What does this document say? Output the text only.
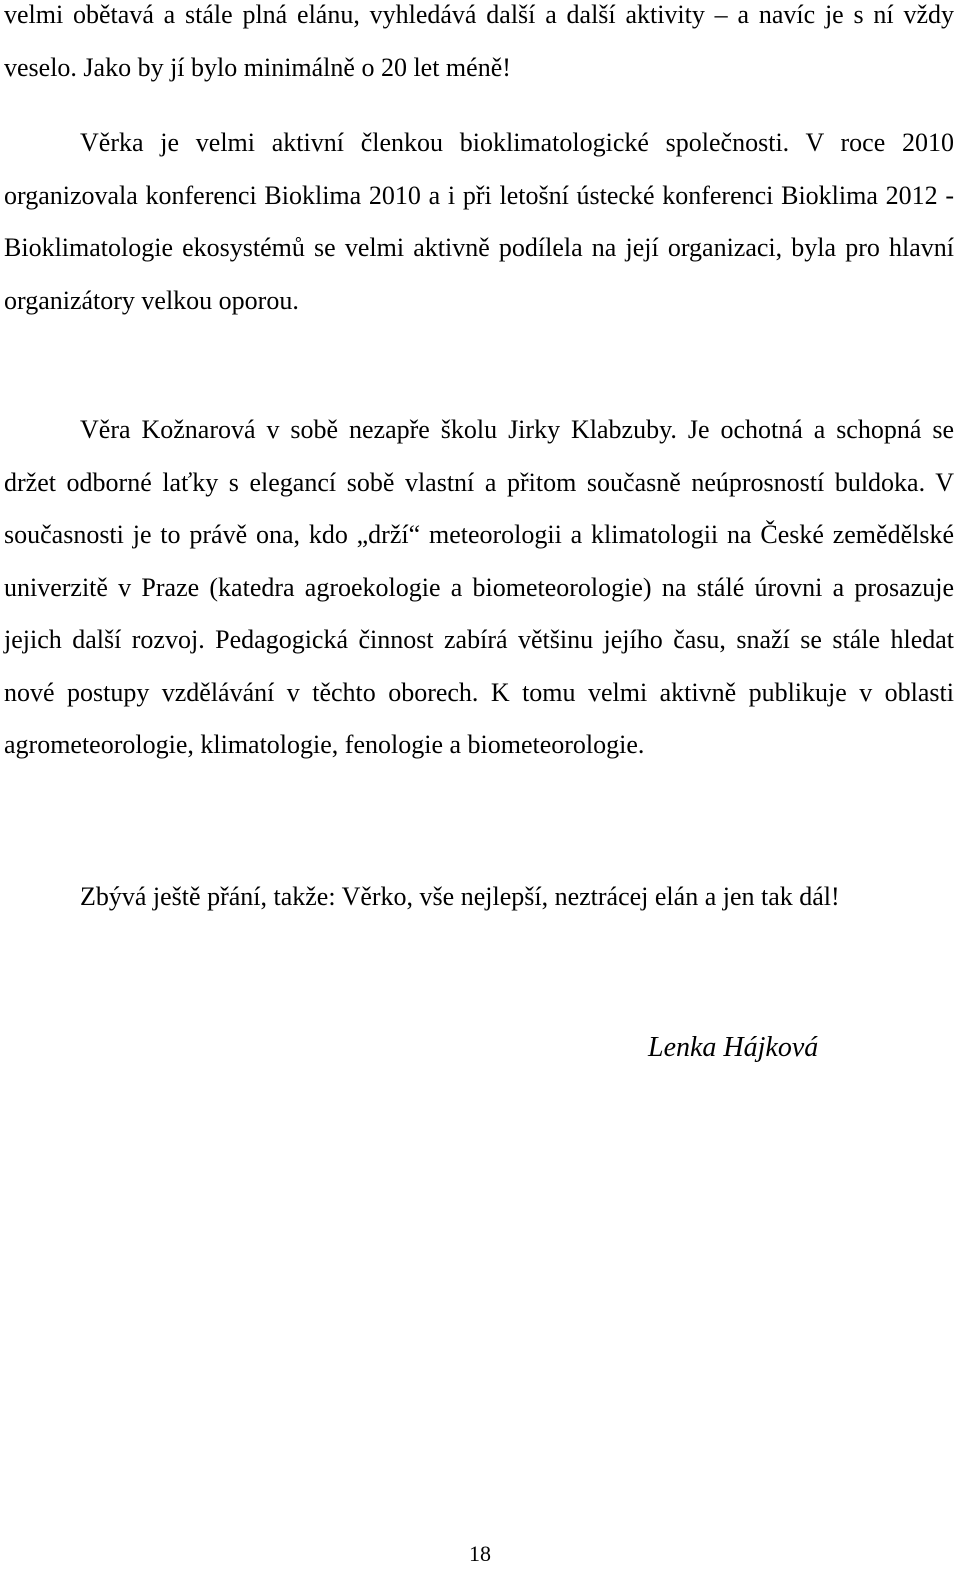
velmi obětavá a stále plná elánu, vyhledává další a další aktivity – a navíc je s ní vždy veselo. Jako by jí bylo minimálně o 20 let méně!

Věrka je velmi aktivní členkou bioklimatologické společnosti. V roce 2010 organizovala konferenci Bioklima 2010 a i při letošní ústecké konferenci Bioklima 2012 - Bioklimatologie ekosystémů se velmi aktivně podílela na její organizaci, byla pro hlavní organizátory velkou oporou.

Věra Kožnarová v sobě nezapře školu Jirky Klabzuby. Je ochotná a schopná se držet odborné laťky s elegancí sobě vlastní a přitom současně neúprosností buldoka. V současnosti je to právě ona, kdo „drží“ meteorologii a klimatologii na České zemědělské univerzitě v Praze (katedra agroekologie a biometeorologie) na stálé úrovni a prosazuje jejich další rozvoj. Pedagogická činnost zabírá většinu jejího času, snaží se stále hledat nové postupy vzdělávání v těchto oborech. K tomu velmi aktivně publikuje v oblasti agrometeorologie, klimatologie, fenologie a biometeorologie.

Zbývá ještě přání, takže: Věrko, vše nejlepší, neztrácej elán a jen tak dál!

Lenka Hájková

18
